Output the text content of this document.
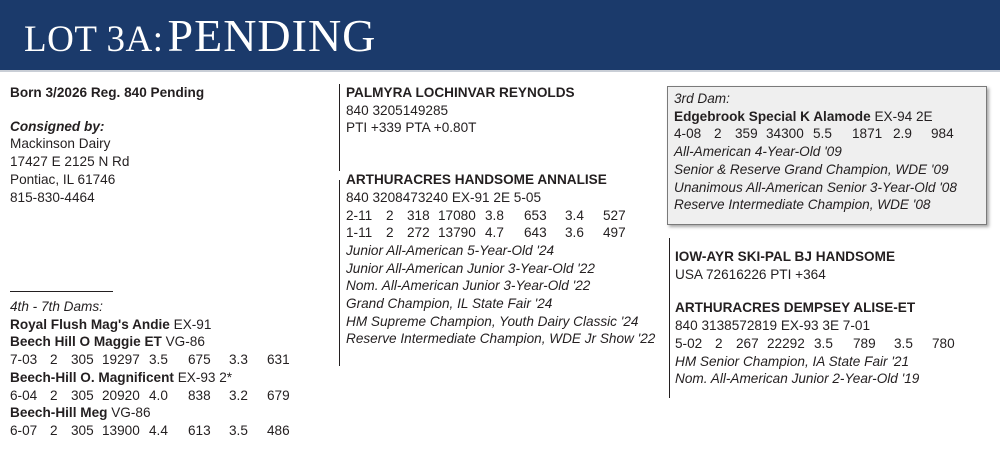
LOT 3A: PENDING
Born 3/2026 Reg. 840 Pending
Consigned by:
Mackinson Dairy
17427 E 2125 N Rd
Pontiac, IL 61746
815-830-4464
4th - 7th Dams:
Royal Flush Mag's Andie EX-91
Beech Hill O Maggie ET VG-86
7-03 2 305 19297 3.5 675 3.3 631
Beech-Hill O. Magnificent EX-93 2*
6-04 2 305 20920 4.0 838 3.2 679
Beech-Hill Meg VG-86
6-07 2 305 13900 4.4 613 3.5 486
PALMYRA LOCHINVAR REYNOLDS
840 3205149285
PTI +339 PTA +0.80T
ARTHURACRES HANDSOME ANNALISE
840 3208473240 EX-91 2E 5-05
2-11 2 318 17080 3.8 653 3.4 527
1-11 2 272 13790 4.7 643 3.6 497
Junior All-American 5-Year-Old '24
Junior All-American Junior 3-Year-Old '22
Nom. All-American Junior 3-Year-Old '22
Grand Champion, IL State Fair '24
HM Supreme Champion, Youth Dairy Classic '24
Reserve Intermediate Champion, WDE Jr Show '22
3rd Dam:
Edgebrook Special K Alamode EX-94 2E
4-08 2 359 34300 5.5 1871 2.9 984
All-American 4-Year-Old '09
Senior & Reserve Grand Champion, WDE '09
Unanimous All-American Senior 3-Year-Old '08
Reserve Intermediate Champion, WDE '08
IOW-AYR SKI-PAL BJ HANDSOME
USA 72616226 PTI +364
ARTHURACRES DEMPSEY ALISE-ET
840 3138572819 EX-93 3E 7-01
5-02 2 267 22292 3.5 789 3.5 780
HM Senior Champion, IA State Fair '21
Nom. All-American Junior 2-Year-Old '19
